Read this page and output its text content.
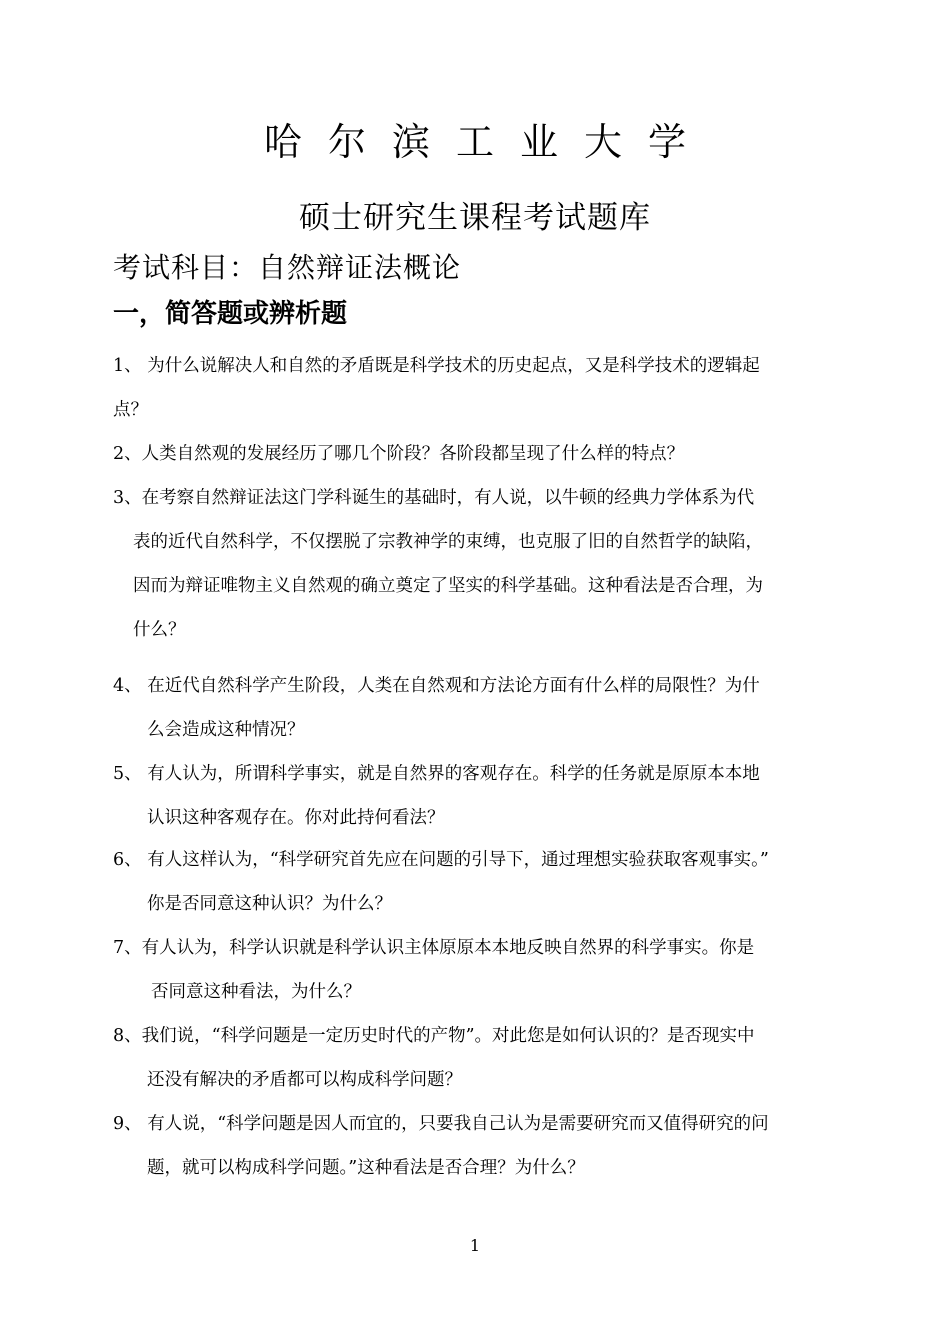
哈尔滨工业大学
硕士研究生课程考试题库
考试科目：自然辩证法概论
一，简答题或辨析题
1、 为什么说解决人和自然的矛盾既是科学技术的历史起点，又是科学技术的逻辑起
点？
2、人类自然观的发展经历了哪几个阶段？各阶段都呈现了什么样的特点？
3、在考察自然辩证法这门学科诞生的基础时，有人说，以牛顿的经典力学体系为代
表的近代自然科学，不仅摆脱了宗教神学的束缚，也克服了旧的自然哲学的缺陷，
因而为辩证唯物主义自然观的确立奠定了坚实的科学基础。这种看法是否合理，为
什么？
4、 在近代自然科学产生阶段，人类在自然观和方法论方面有什么样的局限性？为什
么会造成这种情况？
5、 有人认为，所谓科学事实，就是自然界的客观存在。科学的任务就是原原本本地
认识这种客观存在。你对此持何看法？
6、 有人这样认为，“科学研究首先应在问题的引导下，通过理想实验获取客观事实。”
你是否同意这种认识？为什么？
7、有人认为，科学认识就是科学认识主体原原本本地反映自然界的科学事实。你是
否同意这种看法，为什么？
8、我们说，“科学问题是一定历史时代的产物”。对此您是如何认识的？是否现实中
还没有解决的矛盾都可以构成科学问题？
9、 有人说，“科学问题是因人而宜的，只要我自己认为是需要研究而又值得研究的问
题，就可以构成科学问题。”这种看法是否合理？为什么？
1
